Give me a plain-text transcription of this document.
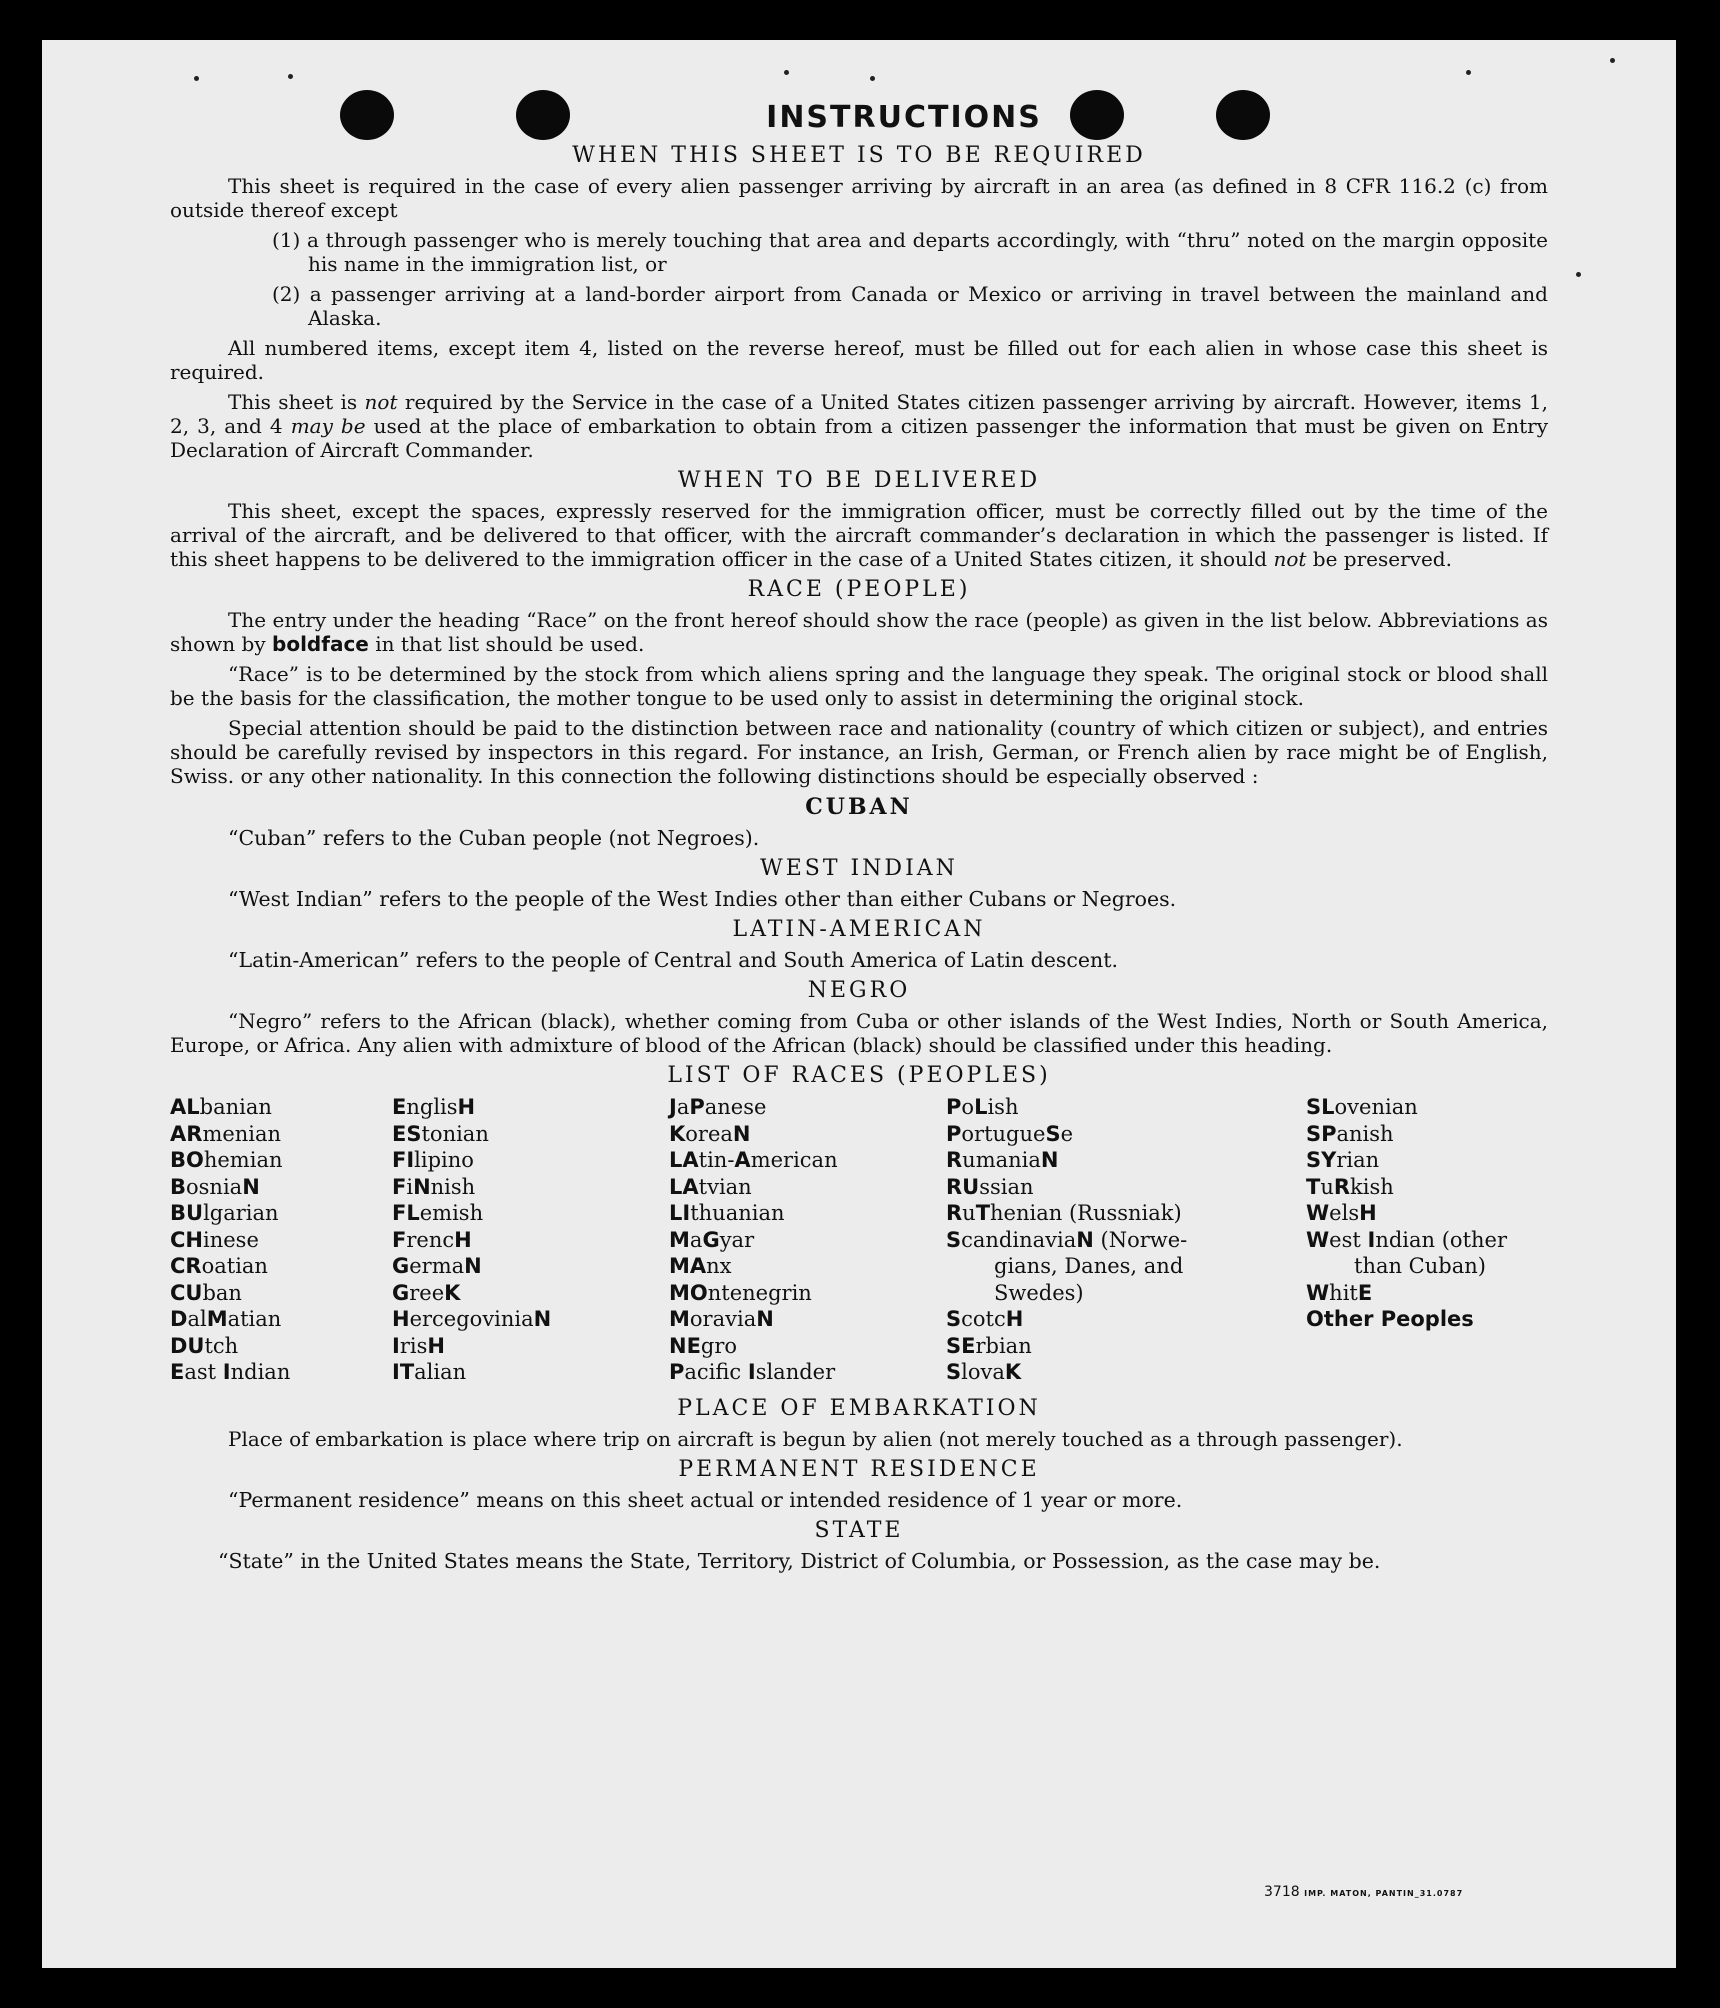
INSTRUCTIONS
WHEN THIS SHEET IS TO BE REQUIRED

This sheet is required in the case of every alien passenger arriving by aircraft in an area (as defined in 8 CFR 116.2 (c) from outside thereof except

(1) a through passenger who is merely touching that area and departs accordingly, with “thru” noted on the margin opposite his name in the immigration list, or
(2) a passenger arriving at a land-border airport from Canada or Mexico or arriving in travel between the mainland and Alaska.

All numbered items, except item 4, listed on the reverse hereof, must be filled out for each alien in whose case this sheet is required.

This sheet is not required by the Service in the case of a United States citizen passenger arriving by aircraft. However, items 1, 2, 3, and 4 may be used at the place of embarkation to obtain from a citizen passenger the information that must be given on Entry Declaration of Aircraft Commander.

WHEN TO BE DELIVERED

This sheet, except the spaces, expressly reserved for the immigration officer, must be correctly filled out by the time of the arrival of the aircraft, and be delivered to that officer, with the aircraft commander’s declaration in which the passenger is listed. If this sheet happens to be delivered to the immigration officer in the case of a United States citizen, it should not be preserved.

RACE (PEOPLE)

The entry under the heading “Race” on the front hereof should show the race (people) as given in the list below. Abbreviations as shown by boldface in that list should be used.

“Race” is to be determined by the stock from which aliens spring and the language they speak. The original stock or blood shall be the basis for the classification, the mother tongue to be used only to assist in determining the original stock.

Special attention should be paid to the distinction between race and nationality (country of which citizen or subject), and entries should be carefully revised by inspectors in this regard. For instance, an Irish, German, or French alien by race might be of English, Swiss. or any other nationality. In this connection the following distinctions should be especially observed :

CUBAN
“Cuban” refers to the Cuban people (not Negroes).
WEST INDIAN
“West Indian” refers to the people of the West Indies other than either Cubans or Negroes.
LATIN-AMERICAN
“Latin-American” refers to the people of Central and South America of Latin descent.
NEGRO

“Negro” refers to the African (black), whether coming from Cuba or other islands of the West Indies, North or South America, Europe, or Africa. Any alien with admixture of blood of the African (black) should be classified under this heading.

LIST OF RACES (PEOPLES)
ALbanian
ARmenian
BOhemian
BosniaN
BUlgarian
CHinese
CRoatian
CUban
DalMatian
DUtch
East Indian
EnglisH
EStonian
FIlipino
FiNnish
FLemish
FrencH
GermaN
GreeK
HercegoviniaN
IrisH
ITalian
JaPanese
KoreaN
LAtin-American
LAtvian
LIthuanian
MaGyar
MAnx
MOntenegrin
MoraviaN
NEgro
Pacific Islander
PoLish
PortugueSe
RumaniaN
RUssian
RuThenian (Russniak)
ScandinaviaN (Norwe-
gians, Danes, and
Swedes)
ScotcH
SErbian
SlovaK
SLovenian
SPanish
SYrian
TuRkish
WelsH
West Indian (other
than Cuban)
WhitE
Other Peoples
PLACE OF EMBARKATION

Place of embarkation is place where trip on aircraft is begun by alien (not merely touched as a through passenger).

PERMANENT RESIDENCE
“Permanent residence” means on this sheet actual or intended residence of 1 year or more.
STATE
“State” in the United States means the State, Territory, District of Columbia, or Possession, as the case may be.
3718 IMP. MATON, PANTIN_31.0787
